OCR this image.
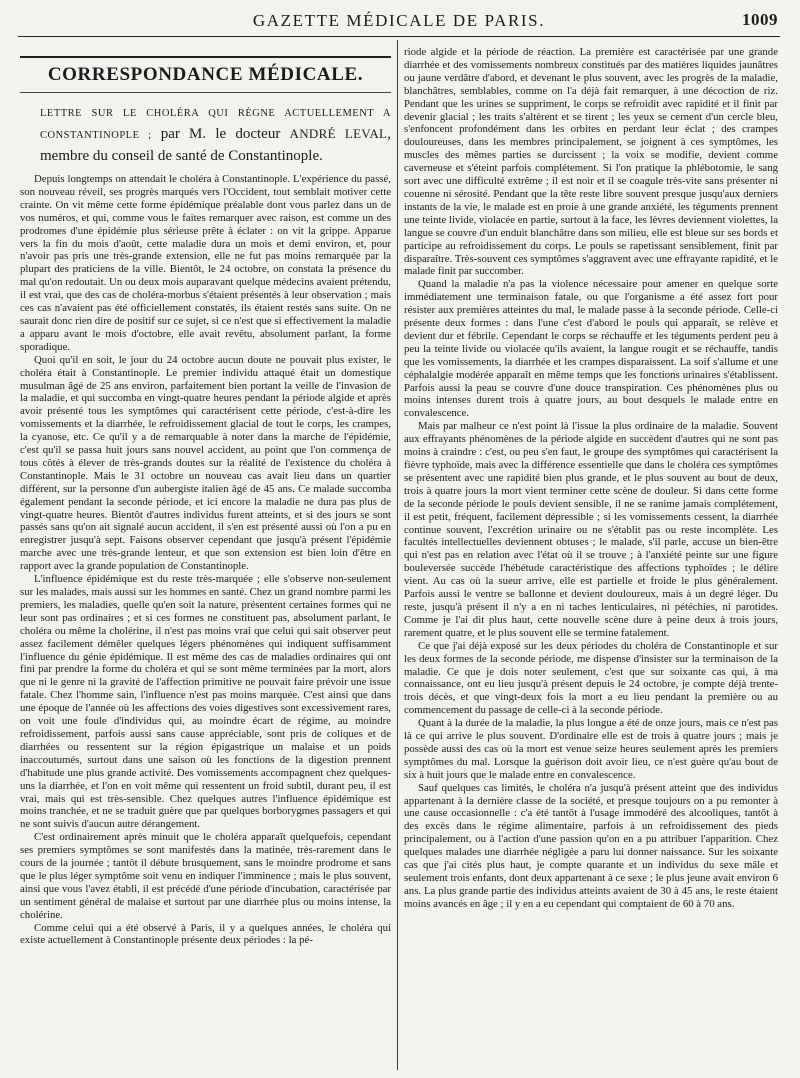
GAZETTE MÉDICALE DE PARIS.	1009
CORRESPONDANCE MÉDICALE.
LETTRE SUR LE CHOLÉRA QUI RÈGNE ACTUELLEMENT A CONSTANTINOPLE ; par M. le docteur ANDRÉ LEVAL, membre du conseil de santé de Constantinople.

Depuis longtemps on attendait le choléra à Constantinople. L'expérience du passé, son nouveau réveil, ses progrès marqués vers l'Occident, tout semblait motiver cette crainte. On vit même cette forme épidémique préalable dont vous parlez dans un de vos numéros, et qui, comme vous le faites remarquer avec raison, est comme un des prodromes d'une épidémie plus sérieuse prête à éclater : on vit la grippe. Apparue vers la fin du mois d'août, cette maladie dura un mois et demi environ, et, pour n'avoir pas pris une très-grande extension, elle ne fut pas moins remarquée par la plupart des praticiens de la ville. Bientôt, le 24 octobre, on constata la présence du mal qu'on redoutait. Un ou deux mois auparavant quelque médecins avaient prétendu, il est vrai, que des cas de choléra-morbus s'étaient présentés à leur observation ; mais ces cas n'avaient pas été officiellement constatés, ils étaient restés sans suite. On ne saurait donc rien dire de positif sur ce sujet, si ce n'est que si effectivement la maladie a apparu avant le mois d'octobre, elle avait revêtu, absolument parlant, la forme sporadique.

Quoi qu'il en soit, le jour du 24 octobre aucun doute ne pouvait plus exister, le choléra était à Constantinople. Le premier individu attaqué était un domestique musulman âgé de 25 ans environ, parfaitement bien portant la veille de l'invasion de la maladie, et qui succomba en vingt-quatre heures pendant la période algide et après avoir présenté tous les symptômes qui caractérisent cette période, c'est-à-dire les vomissements et la diarrhée, le refroidissement glacial de tout le corps, les crampes, la cyanose, etc. Ce qu'il y a de remarquable à noter dans la marche de l'épidémie, c'est qu'il se passa huit jours sans nouvel accident, au point que l'on commença de tous côtés à élever de très-grands doutes sur la réalité de l'existence du choléra à Constantinople. Mais le 31 octobre un nouveau cas avait lieu dans un quartier différent, sur la personne d'un aubergiste italien âgé de 45 ans. Ce malade succomba également pendant la seconde période, et ici encore la maladie ne dura pas plus de vingt-quatre heures. Bientôt d'autres individus furent atteints, et si des jours se sont passés sans qu'on ait signalé aucun accident, il s'en est présenté aussi où l'on a pu en enregistrer jusqu'à sept. Faisons observer cependant que jusqu'à présent l'épidémie marche avec une très-grande lenteur, et que son extension est bien loin d'être en rapport avec la grande population de Constantinople.

L'influence épidémique est du reste très-marquée ; elle s'observe non-seulement sur les malades, mais aussi sur les hommes en santé. Chez un grand nombre parmi les premiers, les maladies, quelle qu'en soit la nature, présentent certaines formes qui ne leur sont pas ordinaires ; et si ces formes ne constituent pas, absolument parlant, le choléra ou même la cholérine, il n'est pas moins vrai que celui qui sait observer peut assez facilement démêler quelques légers phénomènes qui indiquent suffisamment l'influence du génie épidémique. Il est même des cas de maladies ordinaires qui ont fini par prendre la forme du choléra et qui se sont même terminées par la mort, alors que ni le genre ni la gravité de l'affection primitive ne pouvait faire prévoir une issue fatale. Chez l'homme sain, l'influence n'est pas moins marquée. C'est ainsi que dans une époque de l'année où les affections des voies digestives sont excessivement rares, on voit une foule d'individus qui, au moindre écart de régime, au moindre refroidissement, parfois aussi sans cause appréciable, sont pris de coliques et de diarrhées ou ressentent sur la région épigastrique un malaise et un poids inaccoutumés, surtout dans une saison où les fonctions de la digestion prennent d'habitude une plus grande activité. Des vomissements accompagnent chez quelques-uns la diarrhée, et l'on en voit même qui ressentent un froid subtil, durant peu, il est vrai, mais qui est très-sensible. Chez quelques autres l'influence épidémique est moins tranchée, et ne se traduit guère que par quelques borborygmes passagers et qui ne sont suivis d'aucun autre dérangement.

C'est ordinairement après minuit que le choléra apparaît quelquefois, cependant ses premiers symptômes se sont manifestés dans la matinée, très-rarement dans le cours de la journée ; tantôt il débute brusquement, sans le moindre prodrome et sans que le plus léger symptôme soit venu en indiquer l'imminence ; mais le plus souvent, ainsi que vous l'avez établi, il est précédé d'une période d'incubation, caractérisée par un sentiment général de malaise et surtout par une diarrhée plus ou moins intense, la cholérine.

Comme celui qui a été observé à Paris, il y a quelques années, le choléra qui existe actuellement à Constantinople présente deux périodes : la pé-

riode algide et la période de réaction. La première est caractérisée par une grande diarrhée et des vomissements nombreux constitués par des matières liquides jaunâtres ou jaune verdâtre d'abord, et devenant le plus souvent, avec les progrès de la maladie, blanchâtres, semblables, comme on l'a déjà fait remarquer, à une décoction de riz. Pendant que les urines se suppriment, le corps se refroidit avec rapidité et il finit par devenir glacial ; les traits s'altèrent et se tirent ; les yeux se cernent d'un cercle bleu, s'enfoncent profondément dans les orbites en perdant leur éclat ; des crampes douloureuses, dans les membres principalement, se joignent à ces symptômes, les muscles des mêmes parties se durcissent ; la voix se modifie, devient comme caverneuse et s'éteint parfois complétement. Si l'on pratique la phlébotomie, le sang sort avec une difficulté extrême ; il est noir et il se coagule très-vite sans présenter ni couenne ni sérosité. Pendant que la tête reste libre souvent presque jusqu'aux derniers instants de la vie, le malade est en proie à une grande anxiété, les téguments prennent une teinte livide, violacée en partie, surtout à la face, les lèvres deviennent violettes, la langue se couvre d'un enduit blanchâtre dans son milieu, elle est bleue sur ses bords et participe au refroidissement du corps. Le pouls se rapetissant sensiblement, finit par disparaître. Très-souvent ces symptômes s'aggravent avec une effrayante rapidité, et le malade finit par succomber.

Quand la maladie n'a pas la violence nécessaire pour amener en quelque sorte immédiatement une terminaison fatale, ou que l'organisme a été assez fort pour résister aux premières atteintes du mal, le malade passe à la seconde période. Celle-ci présente deux formes : dans l'une c'est d'abord le pouls qui apparaît, se relève et devient dur et fébrile. Cependant le corps se réchauffe et les téguments perdent peu à peu la teinte livide ou violacée qu'ils avaient, la langue rougit et se réchauffe, tandis que les vomissements, la diarrhée et les crampes disparaissent. La soif s'allume et une céphalalgie modérée apparaît en même temps que les fonctions urinaires s'établissent. Parfois aussi la peau se couvre d'une douce transpiration. Ces phénomènes plus ou moins intenses durent trois à quatre jours, au bout desquels le malade entre en convalescence.

Mais par malheur ce n'est point là l'issue la plus ordinaire de la maladie. Souvent aux effrayants phénomènes de la période algide en succèdent d'autres qui ne sont pas moins à craindre : c'est, ou peu s'en faut, le groupe des symptômes qui caractérisent la fièvre typhoïde, mais avec la différence essentielle que dans le choléra ces symptômes se présentent avec une rapidité bien plus grande, et le plus souvent au bout de deux, trois à quatre jours la mort vient terminer cette scène de douleur. Si dans cette forme de la seconde période le pouls devient sensible, il ne se ranime jamais complétement, il est petit, fréquent, facilement dépressible ; si les vomissements cessent, la diarrhée continue souvent, l'excrétion urinaire ou ne s'établit pas ou reste incomplète. Les facultés intellectuelles deviennent obtuses ; le malade, s'il parle, accuse un bien-être qui n'est pas en relation avec l'état où il se trouve ; à l'anxiété peinte sur une figure bouleversée succède l'hébétude caractéristique des affections typhoïdes ; le délire vient. Au cas où la sueur arrive, elle est partielle et froide le plus généralement. Parfois aussi le ventre se ballonne et devient douloureux, mais à un degré léger. Du reste, jusqu'à présent il n'y a en ni taches lenticulaires, ni pétéchies, ni parotides. Comme je l'ai dit plus haut, cette nouvelle scène dure à peine deux à trois jours, rarement quatre, et le plus souvent elle se termine fatalement.

Ce que j'ai déjà exposé sur les deux périodes du choléra de Constantinople et sur les deux formes de la seconde période, me dispense d'insister sur la terminaison de la maladie. Ce que je dois noter seulement, c'est que sur soixante cas qui, à ma connaissance, ont eu lieu jusqu'à présent depuis le 24 octobre, je compte déjà trente-trois décès, et que vingt-deux fois la mort a eu lieu pendant la première ou au commencement du passage de celle-ci à la seconde période.

Quant à la durée de la maladie, la plus longue a été de onze jours, mais ce n'est pas là ce qui arrive le plus souvent. D'ordinaire elle est de trois à quatre jours ; mais je possède aussi des cas où la mort est venue seize heures seulement après les premiers symptômes du mal. Lorsque la guérison doit avoir lieu, ce n'est guère qu'au bout de six à huit jours que le malade entre en convalescence.

Sauf quelques cas limités, le choléra n'a jusqu'à présent atteint que des individus appartenant à la dernière classe de la société, et presque toujours on a pu remonter à une cause occasionnelle : c'a été tantôt à l'usage immodéré des alcooliques, tantôt à des excès dans le régime alimentaire, parfois à un refroidissement des pieds principalement, ou à l'action d'une passion qu'on en a pu attribuer l'apparition. Chez quelques malades une diarrhée négligée a paru lui donner naissance. Sur les soixante cas que j'ai cités plus haut, je compte quarante et un individus du sexe mâle et seulement trois enfants, dont deux appartenant à ce sexe ; le plus jeune avait environ 6 ans. La plus grande partie des individus atteints avaient de 30 à 45 ans, le reste étaient moins avancés en âge ; il y en a eu cependant qui comptaient de 60 à 70 ans.
